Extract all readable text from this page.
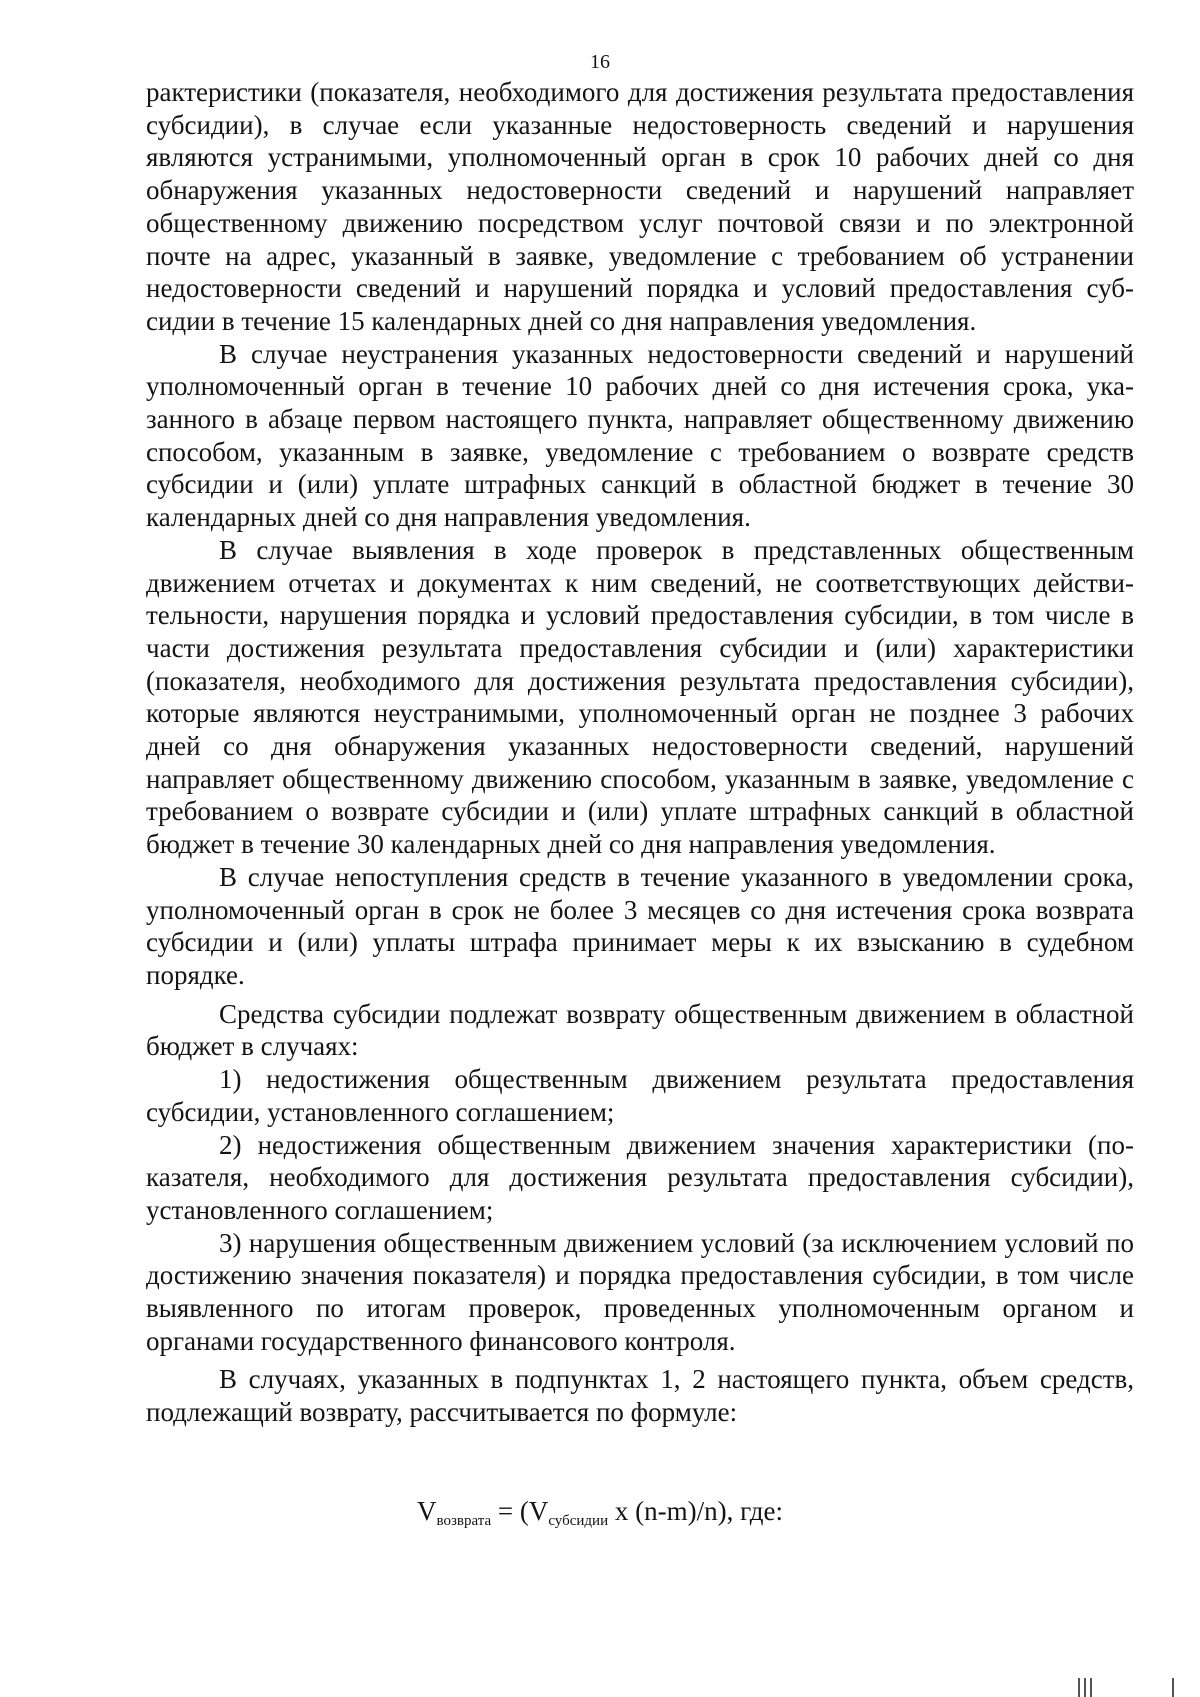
16

рактеристики (показателя, необходимого для достижения результата предоставления субсидии), в случае если указанные недостоверность сведений и нарушения являются устранимыми, уполномоченный орган в срок 10 рабочих дней со дня обнаружения указанных недостоверности сведений и нарушений направляет общественному движению посредством услуг почтовой связи и по электронной почте на адрес, указанный в заявке, уведомление с требованием об устранении недостоверности сведений и нарушений порядка и условий предоставления субсидии в течение 15 календарных дней со дня направления уведомления.

В случае неустранения указанных недостоверности сведений и нарушений уполномоченный орган в течение 10 рабочих дней со дня истечения срока, указанного в абзаце первом настоящего пункта, направляет общественному движению способом, указанным в заявке, уведомление с требованием о возврате средств субсидии и (или) уплате штрафных санкций в областной бюджет в течение 30 календарных дней со дня направления уведомления.

В случае выявления в ходе проверок в представленных общественным движением отчетах и документах к ним сведений, не соответствующих действительности, нарушения порядка и условий предоставления субсидии, в том числе в части достижения результата предоставления субсидии и (или) характеристики (показателя, необходимого для достижения результата предоставления субсидии), которые являются неустранимыми, уполномоченный орган не позднее 3 рабочих дней со дня обнаружения указанных недостоверности сведений, нарушений направляет общественному движению способом, указанным в заявке, уведомление с требованием о возврате субсидии и (или) уплате штрафных санкций в областной бюджет в течение 30 календарных дней со дня направления уведомления.

В случае непоступления средств в течение указанного в уведомлении срока, уполномоченный орган в срок не более 3 месяцев со дня истечения срока возврата субсидии и (или) уплаты штрафа принимает меры к их взысканию в судебном порядке.

Средства субсидии подлежат возврату общественным движением в областной бюджет в случаях:

1) недостижения общественным движением результата предоставления субсидии, установленного соглашением;

2) недостижения общественным движением значения характеристики (показателя, необходимого для достижения результата предоставления субсидии), установленного соглашением;

3) нарушения общественным движением условий (за исключением условий по достижению значения показателя) и порядка предоставления субсидии, в том числе выявленного по итогам проверок, проведенных уполномоченным органом и органами государственного финансового контроля.

В случаях, указанных в подпунктах 1, 2 настоящего пункта, объем средств, подлежащий возврату, рассчитывается по формуле:

$V_{возврата} = (V_{субсидии}$ x (n-m)/n), где:
